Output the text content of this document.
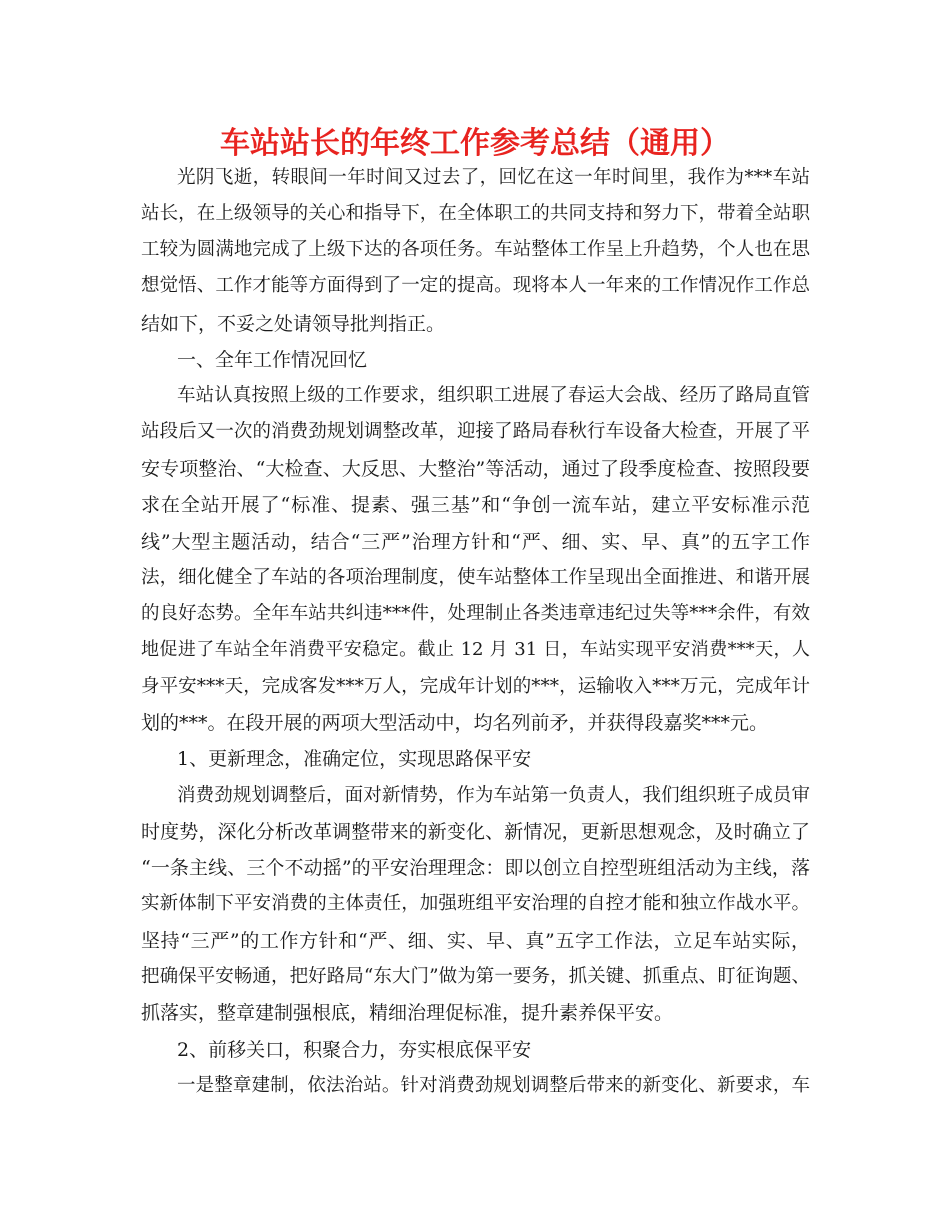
车站站长的年终工作参考总结（通用）
光阴飞逝，转眼间一年时间又过去了，回忆在这一年时间里，我作为***车站
站长，在上级领导的关心和指导下，在全体职工的共同支持和努力下，带着全站职
工较为圆满地完成了上级下达的各项任务。车站整体工作呈上升趋势，个人也在思
想觉悟、工作才能等方面得到了一定的提高。现将本人一年来的工作情况作工作总
结如下，不妥之处请领导批判指正。
一、全年工作情况回忆
车站认真按照上级的工作要求，组织职工进展了春运大会战、经历了路局直管
站段后又一次的消费劲规划调整改革，迎接了路局春秋行车设备大检查，开展了平
安专项整治、“大检查、大反思、大整治”等活动，通过了段季度检查、按照段要
求在全站开展了“标准、提素、强三基”和“争创一流车站，建立平安标准示范
线”大型主题活动，结合“三严”治理方针和“严、细、实、早、真”的五字工作
法，细化健全了车站的各项治理制度，使车站整体工作呈现出全面推进、和谐开展
的良好态势。全年车站共纠违***件，处理制止各类违章违纪过失等***余件，有效
地促进了车站全年消费平安稳定。截止 12 月 31 日，车站实现平安消费***天，人
身平安***天，完成客发***万人，完成年计划的***，运输收入***万元，完成年计
划的***。在段开展的两项大型活动中，均名列前矛，并获得段嘉奖***元。
1、更新理念，准确定位，实现思路保平安
消费劲规划调整后，面对新情势，作为车站第一负责人，我们组织班子成员审
时度势，深化分析改革调整带来的新变化、新情况，更新思想观念，及时确立了
“一条主线、三个不动摇”的平安治理理念：即以创立自控型班组活动为主线，落
实新体制下平安消费的主体责任，加强班组平安治理的自控才能和独立作战水平。
坚持“三严”的工作方针和“严、细、实、早、真”五字工作法，立足车站实际，
把确保平安畅通，把好路局“东大门”做为第一要务，抓关键、抓重点、盯征询题、
抓落实，整章建制强根底，精细治理促标准，提升素养保平安。
2、前移关口，积聚合力，夯实根底保平安
一是整章建制，依法治站。针对消费劲规划调整后带来的新变化、新要求，车
